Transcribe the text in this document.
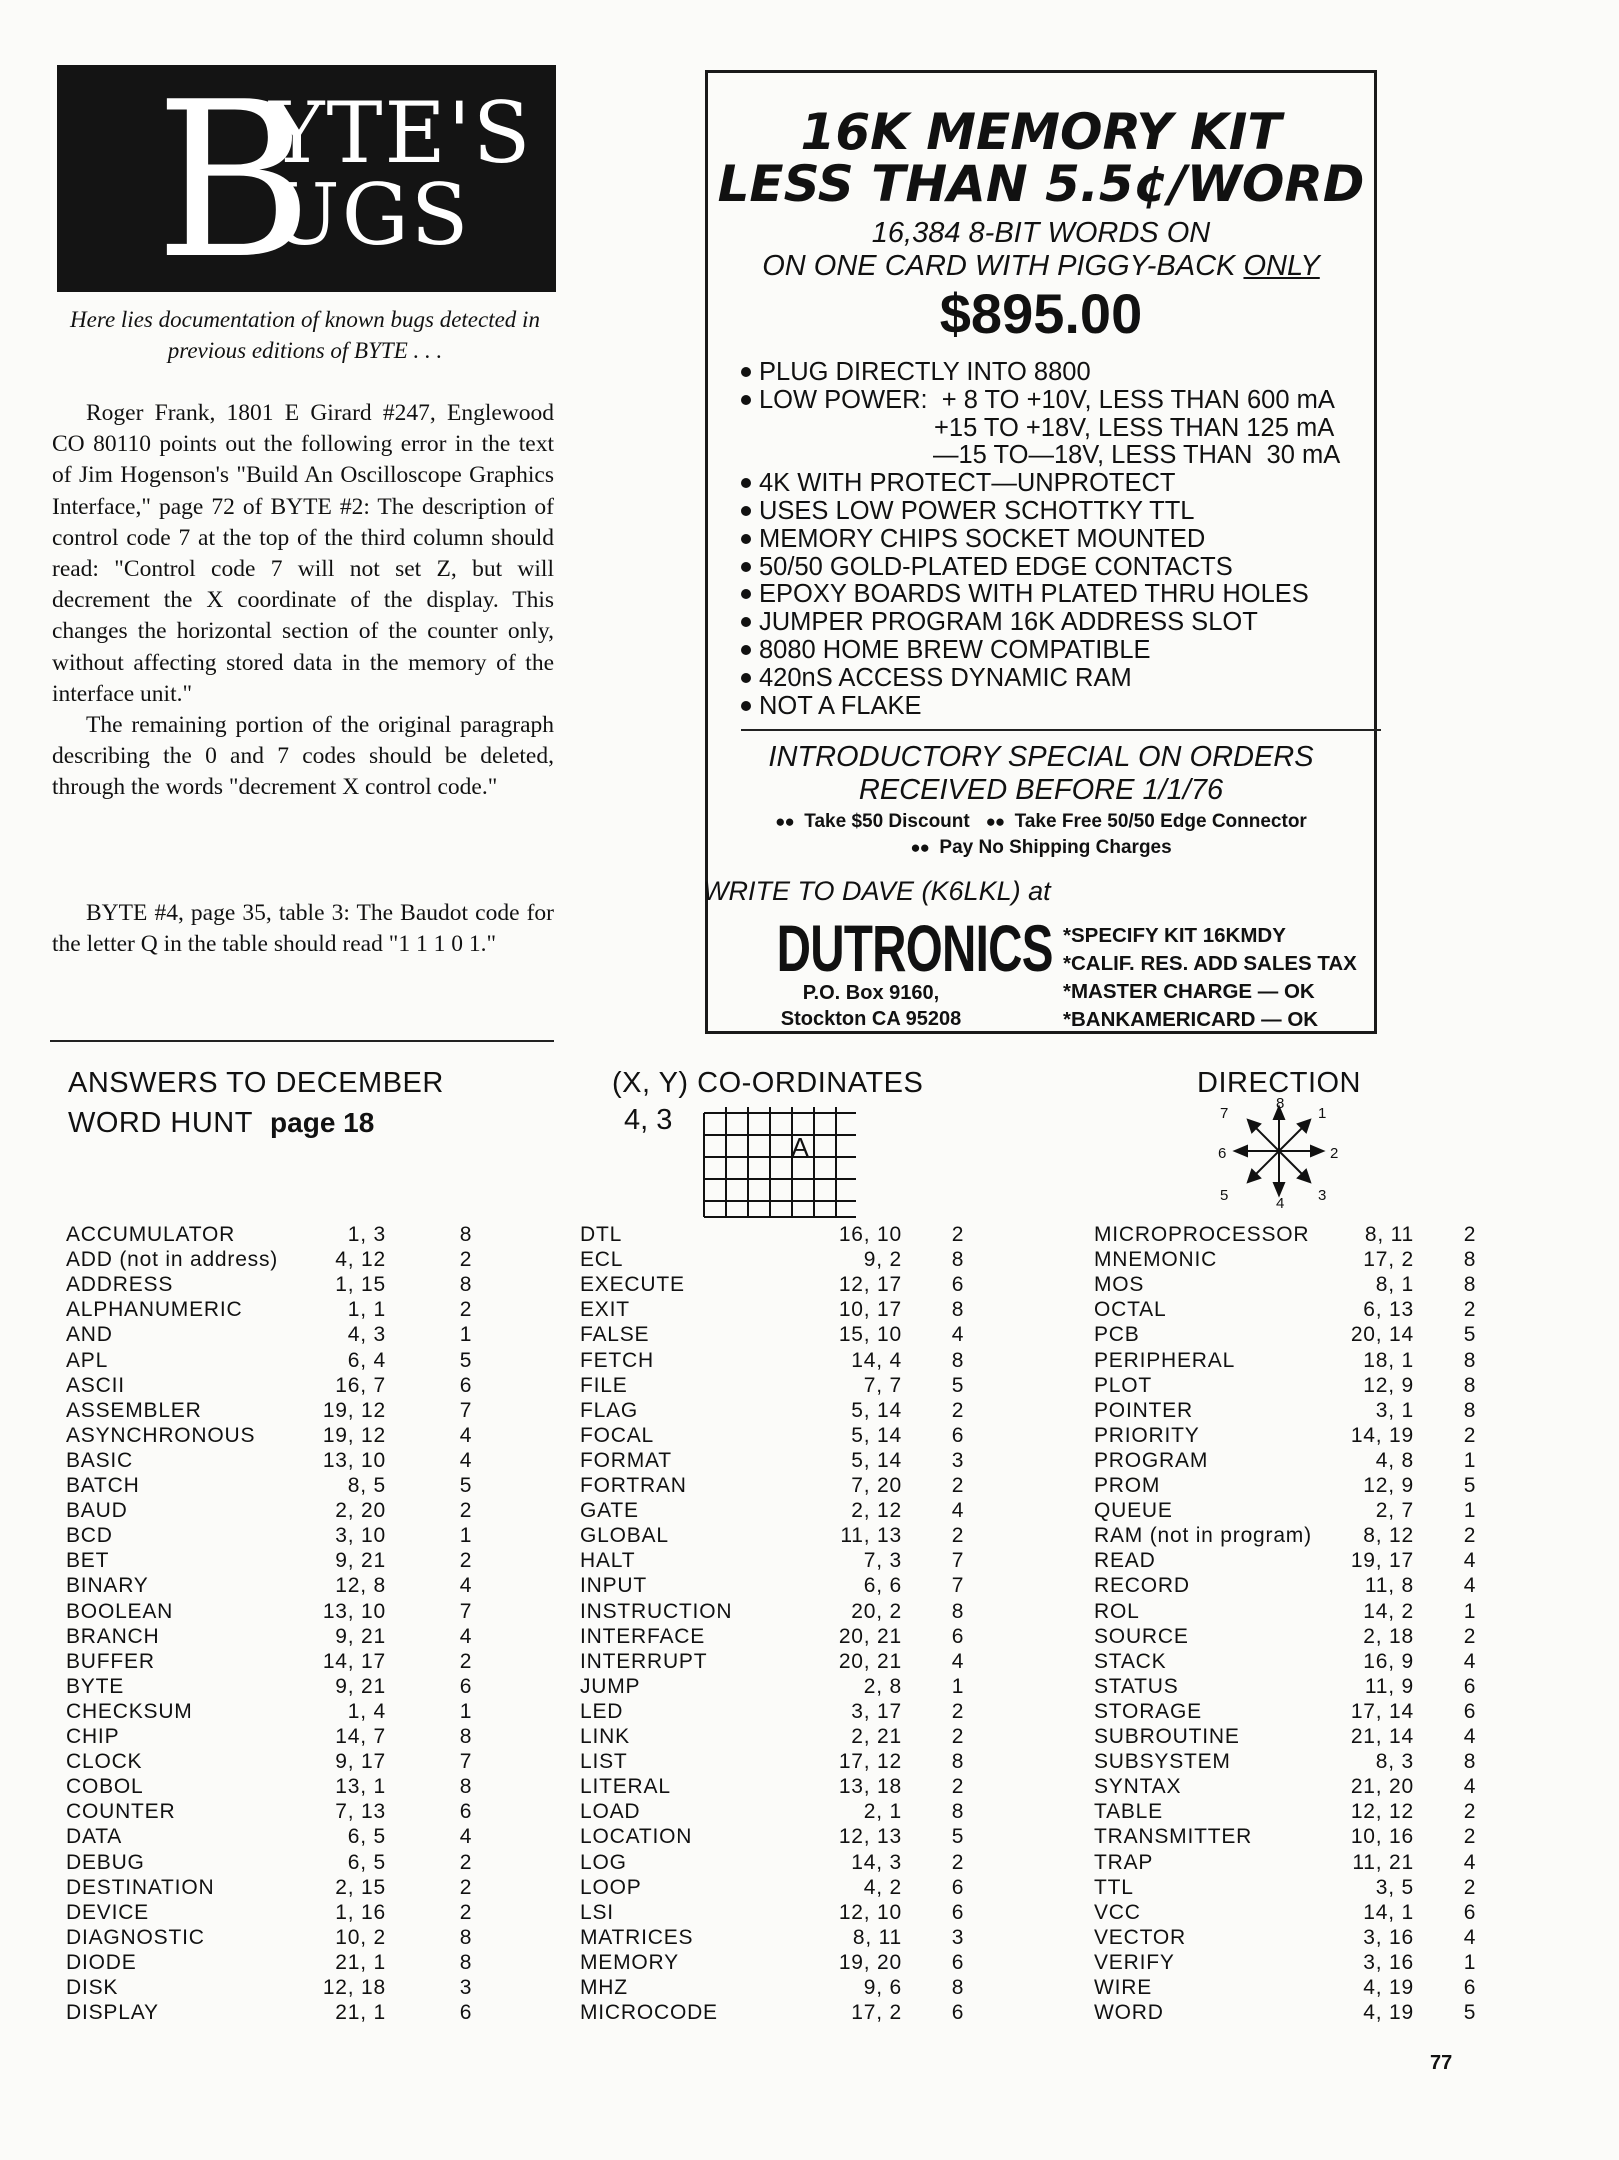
B
YTE'S
UGS
Here lies documentation of known bugs detected in previous editions of BYTE . . .

Roger Frank, 1801 E Girard #247, Englewood CO 80110 points out the following error in the text of Jim Hogenson's "Build An Oscilloscope Graphics Interface," page 72 of BYTE #2: The description of control code 7 at the top of the third column should read: "Control code 7 will not set Z, but will decrement the X coordinate of the display. This changes the horizontal section of the counter only, without affecting stored data in the memory of the interface unit."

The remaining portion of the original paragraph describing the 0 and 7 codes should be deleted, through the words "decrement X control code."

BYTE #4, page 35, table 3: The Baudot code for the letter Q in the table should read "1 1 1 0 1."

16K MEMORY KIT
LESS THAN 5.5¢/WORD
16,384 8-BIT WORDS ON
ON ONE CARD WITH PIGGY-BACK ONLY
$895.00
PLUG DIRECTLY INTO 8800
LOW POWER:  + 8 TO +10V, LESS THAN 600 mA
+15 TO +18V, LESS THAN 125 mA
—15 TO—18V, LESS THAN  30 mA
4K WITH PROTECT—UNPROTECT
USES LOW POWER SCHOTTKY TTL
MEMORY CHIPS SOCKET MOUNTED
50/50 GOLD-PLATED EDGE CONTACTS
EPOXY BOARDS WITH PLATED THRU HOLES
JUMPER PROGRAM 16K ADDRESS SLOT
8080 HOME BREW COMPATIBLE
420nS ACCESS DYNAMIC RAM
NOT A FLAKE
INTRODUCTORY SPECIAL ON ORDERS
RECEIVED BEFORE 1/1/76
●● Take $50 Discount ●● Take Free 50/50 Edge Connector
●● Pay No Shipping Charges
WRITE TO DAVE (K6LKL) at
DUTRONICS
P.O. Box 9160,
Stockton CA 95208
*SPECIFY KIT 16KMDY
*CALIF. RES. ADD SALES TAX
*MASTER CHARGE — OK
*BANKAMERICARD — OK
ANSWERS TO DECEMBER
WORD HUNT page 18
(X, Y) CO-ORDINATES
4, 3
A
DIRECTION
1
2
3
4
5
6
7
8
ACCUMULATOR	1, 3	8
ADD (not in address)	4, 12	2
ADDRESS	1, 15	8
ALPHANUMERIC	1, 1	2
AND	4, 3	1
APL	6, 4	5
ASCII	16, 7	6
ASSEMBLER	19, 12	7
ASYNCHRONOUS	19, 12	4
BASIC	13, 10	4
BATCH	8, 5	5
BAUD	2, 20	2
BCD	3, 10	1
BET	9, 21	2
BINARY	12, 8	4
BOOLEAN	13, 10	7
BRANCH	9, 21	4
BUFFER	14, 17	2
BYTE	9, 21	6
CHECKSUM	1, 4	1
CHIP	14, 7	8
CLOCK	9, 17	7
COBOL	13, 1	8
COUNTER	7, 13	6
DATA	6, 5	4
DEBUG	6, 5	2
DESTINATION	2, 15	2
DEVICE	1, 16	2
DIAGNOSTIC	10, 2	8
DIODE	21, 1	8
DISK	12, 18	3
DISPLAY	21, 1	6
DTL	16, 10 2
ECL	9, 2 8
EXECUTE	12, 17 6
EXIT	10, 17 8
FALSE	15, 10 4
FETCH	14, 4 8
FILE	7, 7 5
FLAG	5, 14 2
FOCAL	5, 14 6
FORMAT	5, 14 3
FORTRAN	7, 20 2
GATE	2, 12 4
GLOBAL	11, 13 2
HALT	7, 3 7
INPUT	6, 6 7
INSTRUCTION	20, 2 8
INTERFACE	20, 21 6
INTERRUPT	20, 21 4
JUMP	2, 8 1
LED	3, 17 2
LINK	2, 21 2
LIST	17, 12 8
LITERAL	13, 18 2
LOAD	2, 1 8
LOCATION	12, 13 5
LOG	14, 3 2
LOOP	4, 2 6
LSI	12, 10 6
MATRICES	8, 11 3
MEMORY	19, 20 6
MHZ	9, 6 8
MICROCODE	17, 2 6
MICROPROCESSOR	8, 11 2
MNEMONIC	17, 2 8
MOS	8, 1 8
OCTAL	6, 13 2
PCB	20, 14 5
PERIPHERAL	18, 1 8
PLOT	12, 9 8
POINTER	3, 1 8
PRIORITY	14, 19 2
PROGRAM	4, 8 1
PROM	12, 9 5
QUEUE	2, 7 1
RAM (not in program) 8, 12 2
READ	19, 17 4
RECORD	11, 8 4
ROL	14, 2 1
SOURCE	2, 18 2
STACK	16, 9 4
STATUS	11, 9 6
STORAGE	17, 14 6
SUBROUTINE	21, 14 4
SUBSYSTEM	8, 3 8
SYNTAX	21, 20 4
TABLE	12, 12 2
TRANSMITTER	10, 16 2
TRAP	11, 21 4
TTL	3, 5 2
VCC	14, 1 6
VECTOR	3, 16 4
VERIFY	3, 16 1
WIRE	4, 19 6
WORD	4, 19 5
77
